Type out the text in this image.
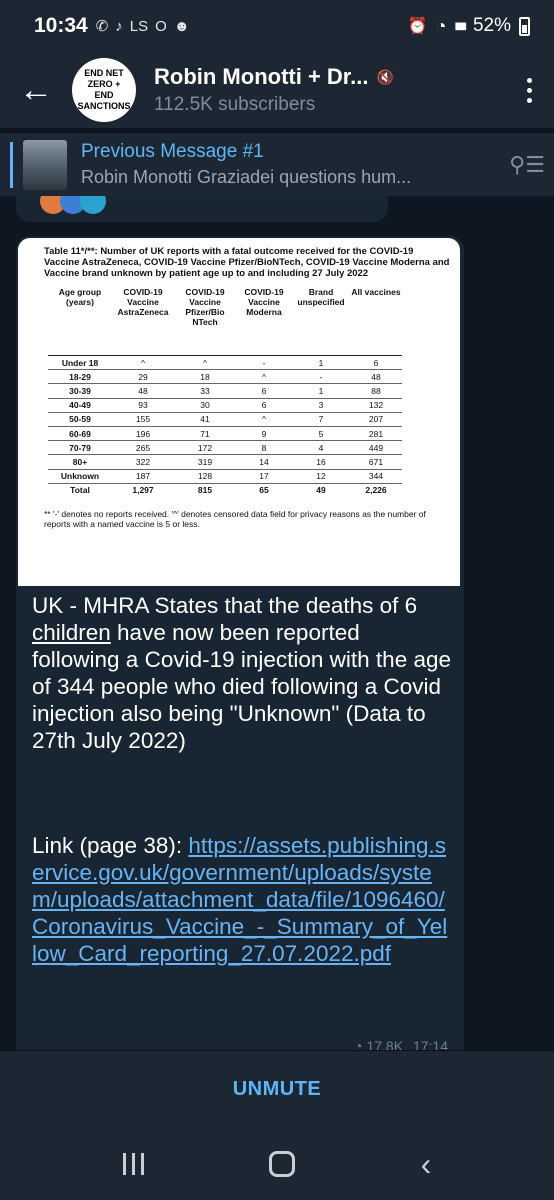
10:34 ✆ ♪ LS O ☻	⏰ ◔ ▮▮▮ 52%
←	END NET ZERO +
END SANCTIONS
Robin Monotti + Dr... 🔇
112.5K subscribers
Previous Message #1
Robin Monotti Graziadei questions hum...
⚲☰
Table 11*/**: Number of UK reports with a fatal outcome received for the COVID-19 Vaccine AstraZeneca, COVID-19 Vaccine Pfizer/BioNTech, COVID-19 Vaccine Moderna and Vaccine brand unknown by patient age up to and including 27 July 2022
Age group (years)	COVID-19 Vaccine AstraZeneca	COVID-19 Vaccine Pfizer/Bio NTech	COVID-19 Vaccine Moderna	Brand unspecified	All vaccines
Under 18	^	^	-	1	6
18-29	29	18	^	-	48
30-39	48	33	6	1	88
40-49	93	30	6	3	132
50-59	155	41	^	7	207
60-69	196	71	9	5	281
70-79	265	172	8	4	449
80+	322	319	14	16	671
Unknown	187	128	17	12	344
Total	1,297	815	65	49	2,226
** '-' denotes no reports received. '^' denotes censored data field for privacy reasons as the number of reports with a named vaccine is 5 or less.
UK - MHRA States that the deaths of 6 children have now been reported following a Covid-19 injection with the age of 344 people who died following a Covid injection also being "Unknown" (Data to 27th July 2022)
Link (page 38): https://assets.publishing.service.gov.uk/government/uploads/system/uploads/attachment_data/file/1096460/Coronavirus_Vaccine_-_Summary_of_Yellow_Card_reporting_27.07.2022.pdf
◔ 17.8K 17:14
UNMUTE
‹
